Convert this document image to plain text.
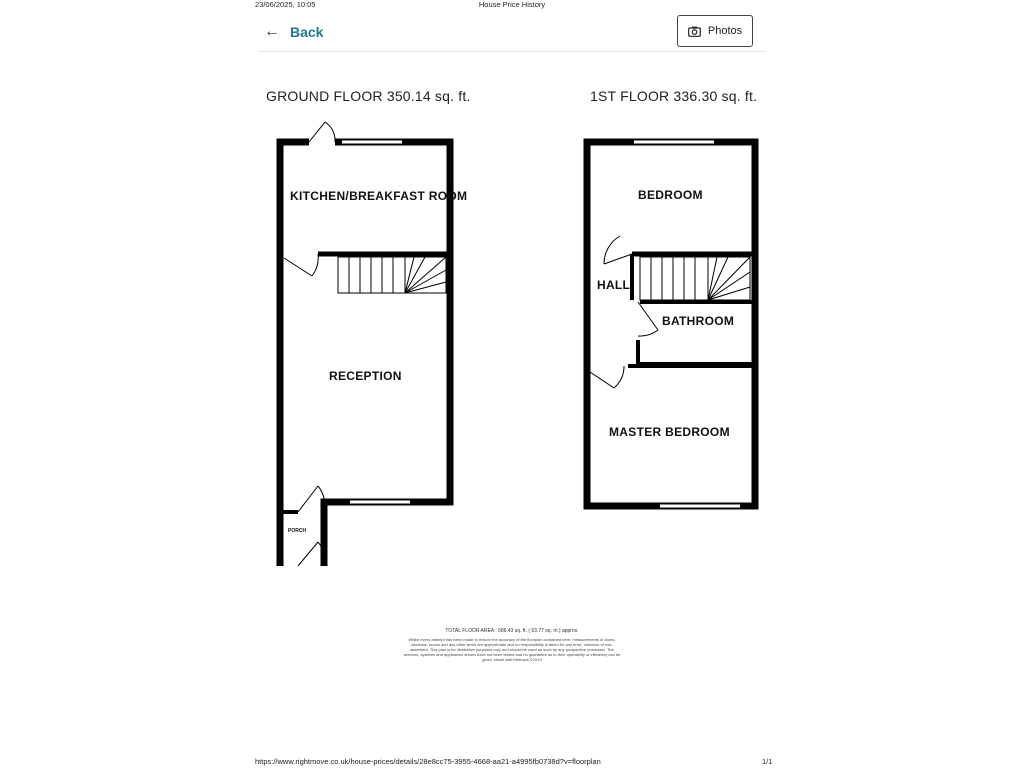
23/06/2025, 10:05	House Price History
← Back	Photos
GROUND FLOOR 350.14 sq. ft.	1ST FLOOR 336.30 sq. ft.
KITCHEN/BREAKFAST ROOM
RECEPTION
PORCH
BEDROOM
HALL
BATHROOM
MASTER BEDROOM
TOTAL FLOOR AREA : 686.43 sq. ft. ( 63.77 sq. m.) approx.
Whilst every attempt has been made to ensure the accuracy of the floorplan contained here, measurements of doors, windows, rooms and any other items are approximate and no responsibility is taken for any error, omission or mis-statement. This plan is for illustrative purposes only and should be used as such by any prospective purchaser. The services, systems and appliances shown have not been tested and no guarantee as to their operability or efficiency can be given. Made with Metropix ©2019
https://www.rightmove.co.uk/house-prices/details/28e8cc75-3955-4668-aa21-a4995fb0738d?v=floorplan	1/1
